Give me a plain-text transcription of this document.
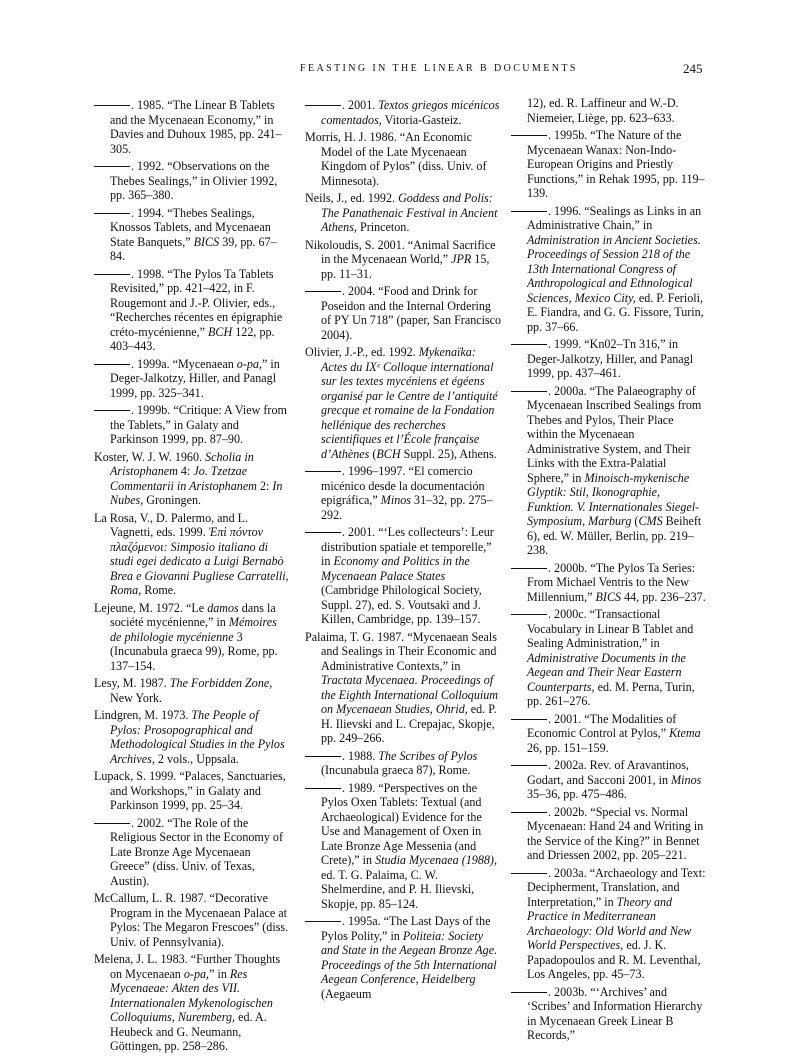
FEASTING IN THE LINEAR B DOCUMENTS	245
. 1985. “The Linear B Tablets and the Mycenaean Economy,” in Davies and Duhoux 1985, pp. 241–305.
. 1992. “Observations on the Thebes Sealings,” in Olivier 1992, pp. 365–380.
. 1994. “Thebes Sealings, Knossos Tablets, and Mycenaean State Banquets,” BICS 39, pp. 67–84.
. 1998. “The Pylos Ta Tablets Revisited,” pp. 421–422, in F. Rougemont and J.-P. Olivier, eds., “Recherches récentes en épigraphie créto-mycénienne,” BCH 122, pp. 403–443.
. 1999a. “Mycenaean o-pa,” in Deger-Jalkotzy, Hiller, and Panagl 1999, pp. 325–341.
. 1999b. “Critique: A View from the Tablets,” in Galaty and Parkinson 1999, pp. 87–90.
Koster, W. J. W. 1960. Scholia in Aristophanem 4: Jo. Tzetzae Commentarii in Aristophanem 2: In Nubes, Groningen.
La Rosa, V., D. Palermo, and L. Vagnetti, eds. 1999. Ἐπὶ πόντον πλαζόμενοι: Simposio italiano di studi egei dedicato a Luigi Bernabò Brea e Giovanni Pugliese Carratelli, Roma, Rome.
Lejeune, M. 1972. “Le damos dans la société mycénienne,” in Mémoires de philologie mycénienne 3 (Incunabula graeca 99), Rome, pp. 137–154.
Lesy, M. 1987. The Forbidden Zone, New York.
Lindgren, M. 1973. The People of Pylos: Prosopographical and Methodological Studies in the Pylos Archives, 2 vols., Uppsala.
Lupack, S. 1999. “Palaces, Sanctuaries, and Workshops,” in Galaty and Parkinson 1999, pp. 25–34.
. 2002. “The Role of the Religious Sector in the Economy of Late Bronze Age Mycenaean Greece” (diss. Univ. of Texas, Austin).
McCallum, L. R. 1987. “Decorative Program in the Mycenaean Palace at Pylos: The Megaron Frescoes” (diss. Univ. of Pennsylvania).
Melena, J. L. 1983. “Further Thoughts on Mycenaean o-pa,” in Res Mycenaeae: Akten des VII. Internationalen Mykenologischen Colloquiums, Nuremberg, ed. A. Heubeck and G. Neumann, Göttingen, pp. 258–286.
. 2001. Textos griegos micénicos comentados, Vitoria-Gasteiz.
Morris, H. J. 1986. “An Economic Model of the Late Mycenaean Kingdom of Pylos” (diss. Univ. of Minnesota).
Neils, J., ed. 1992. Goddess and Polis: The Panathenaic Festival in Ancient Athens, Princeton.
Nikoloudis, S. 2001. “Animal Sacrifice in the Mycenaean World,” JPR 15, pp. 11–31.
. 2004. “Food and Drink for Poseidon and the Internal Ordering of PY Un 718” (paper, San Francisco 2004).
Olivier, J.-P., ed. 1992. Mykenaïka: Actes du IXᵉ Colloque international sur les textes mycéniens et égéens organisé par le Centre de l’antiquité grecque et romaine de la Fondation hellénique des recherches scientifiques et l’École française d’Athènes (BCH Suppl. 25), Athens.
. 1996–1997. “El comercio micénico desde la documentación epigráfica,” Minos 31–32, pp. 275–292.
. 2001. “‘Les collecteurs’: Leur distribution spatiale et temporelle,” in Economy and Politics in the Mycenaean Palace States (Cambridge Philological Society, Suppl. 27), ed. S. Voutsaki and J. Killen, Cambridge, pp. 139–157.
Palaima, T. G. 1987. “Mycenaean Seals and Sealings in Their Economic and Administrative Contexts,” in Tractata Mycenaea. Proceedings of the Eighth International Colloquium on Mycenaean Studies, Ohrid, ed. P. H. Ilievski and L. Crepajac, Skopje, pp. 249–266.
. 1988. The Scribes of Pylos (Incunabula graeca 87), Rome.
. 1989. “Perspectives on the Pylos Oxen Tablets: Textual (and Archaeological) Evidence for the Use and Management of Oxen in Late Bronze Age Messenia (and Crete),” in Studia Mycenaea (1988), ed. T. G. Palaima, C. W. Shelmerdine, and P. H. Ilievski, Skopje, pp. 85–124.
. 1995a. “The Last Days of the Pylos Polity,” in Politeia: Society and State in the Aegean Bronze Age. Proceedings of the 5th International Aegean Conference, Heidelberg (Aegaeum
12), ed. R. Laffineur and W.-D. Niemeier, Liège, pp. 623–633.
. 1995b. “The Nature of the Mycenaean Wanax: Non-Indo-European Origins and Priestly Functions,” in Rehak 1995, pp. 119–139.
. 1996. “Sealings as Links in an Administrative Chain,” in Administration in Ancient Societies. Proceedings of Session 218 of the 13th International Congress of Anthropological and Ethnological Sciences, Mexico City, ed. P. Ferioli, E. Fiandra, and G. G. Fissore, Turin, pp. 37–66.
. 1999. “Kn02–Tn 316,” in Deger-Jalkotzy, Hiller, and Panagl 1999, pp. 437–461.
. 2000a. “The Palaeography of Mycenaean Inscribed Sealings from Thebes and Pylos, Their Place within the Mycenaean Administrative System, and Their Links with the Extra-Palatial Sphere,” in Minoisch-mykenische Glyptik: Stil, Ikonographie, Funktion. V. Internationales Siegel-Symposium, Marburg (CMS Beiheft 6), ed. W. Müller, Berlin, pp. 219–238.
. 2000b. “The Pylos Ta Series: From Michael Ventris to the New Millennium,” BICS 44, pp. 236–237.
. 2000c. “Transactional Vocabulary in Linear B Tablet and Sealing Administration,” in Administrative Documents in the Aegean and Their Near Eastern Counterparts, ed. M. Perna, Turin, pp. 261–276.
. 2001. “The Modalities of Economic Control at Pylos,” Ktema 26, pp. 151–159.
. 2002a. Rev. of Aravantinos, Godart, and Sacconi 2001, in Minos 35–36, pp. 475–486.
. 2002b. “Special vs. Normal Mycenaean: Hand 24 and Writing in the Service of the King?” in Bennet and Driessen 2002, pp. 205–221.
. 2003a. “Archaeology and Text: Decipherment, Translation, and Interpretation,” in Theory and Practice in Mediterranean Archaeology: Old World and New World Perspectives, ed. J. K. Papadopoulos and R. M. Leventhal, Los Angeles, pp. 45–73.
. 2003b. “‘Archives’ and ‘Scribes’ and Information Hierarchy in Mycenaean Greek Linear B Records,”
